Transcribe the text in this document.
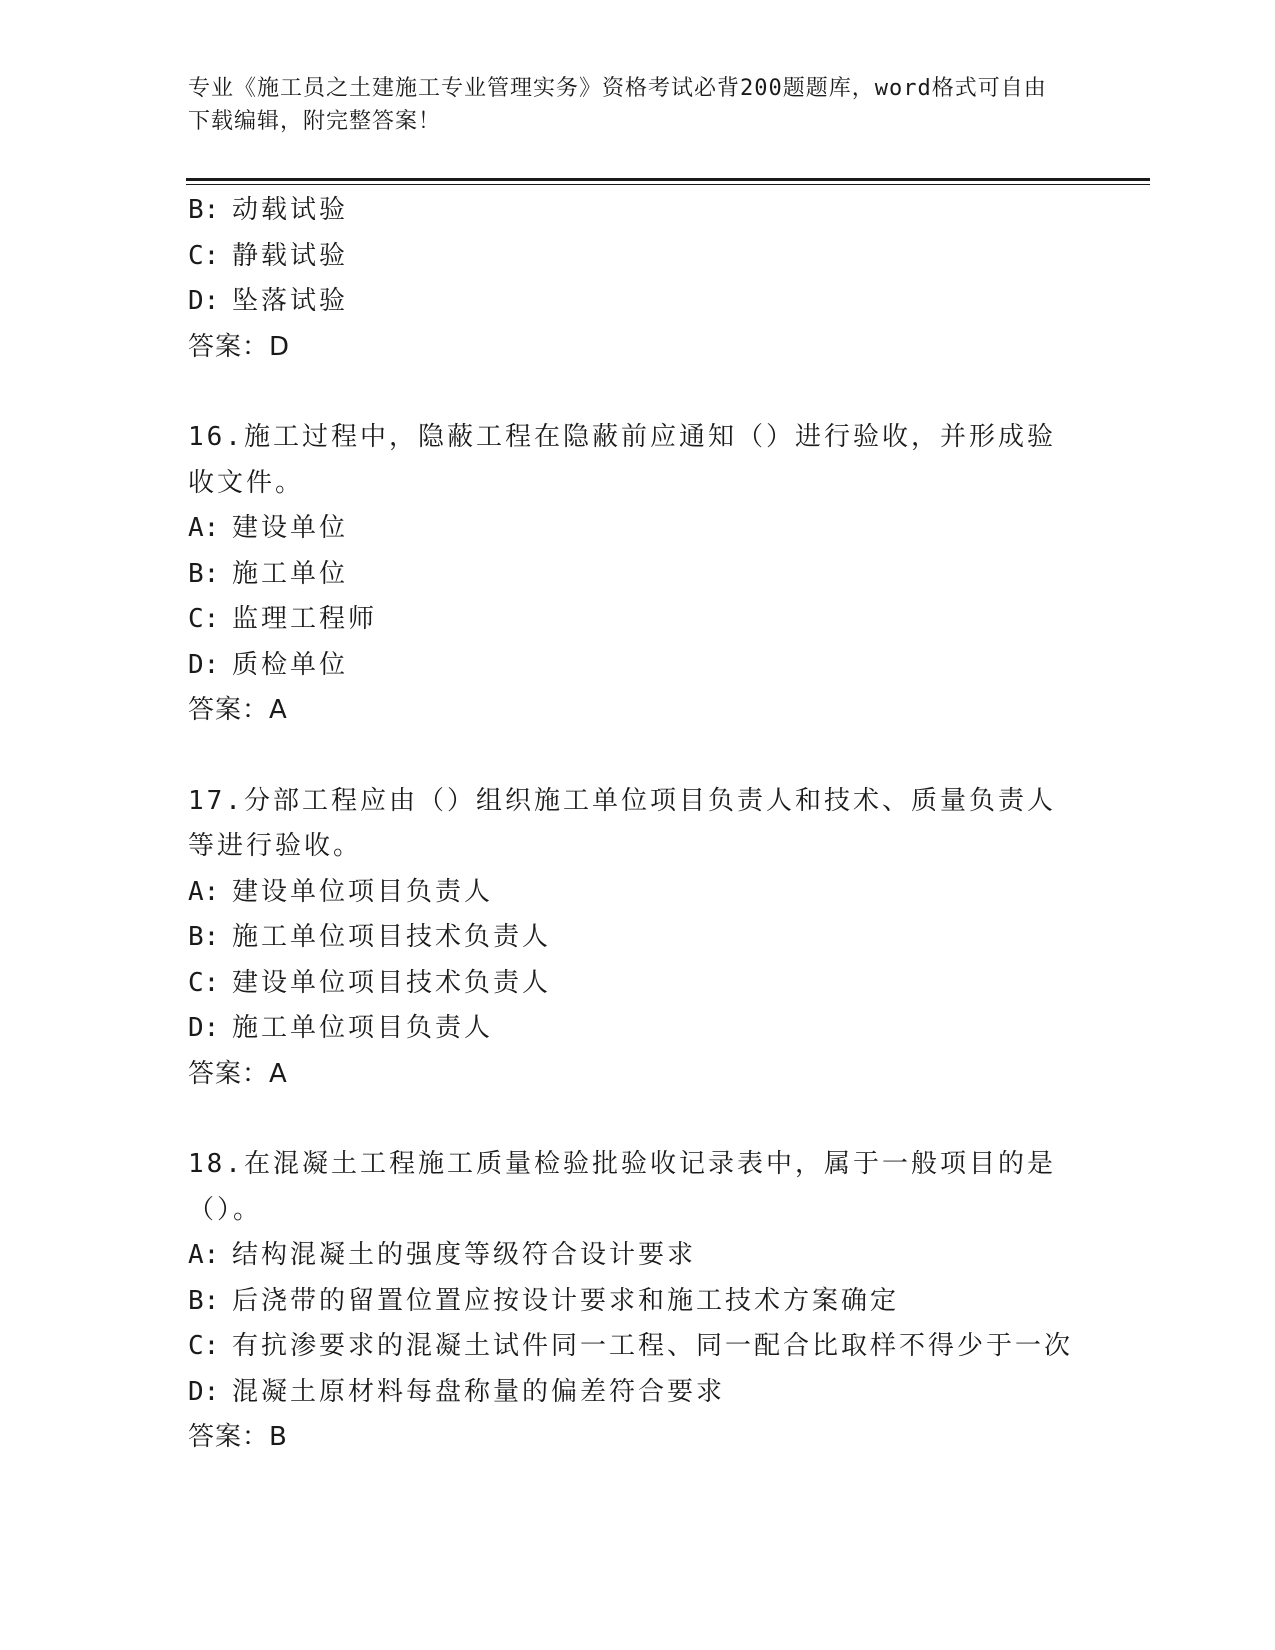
专业《施工员之土建施工专业管理实务》资格考试必背200题题库，word格式可自由下载编辑，附完整答案！
B: 动载试验
C: 静载试验
D: 坠落试验
答案：D
16.施工过程中，隐蔽工程在隐蔽前应通知（）进行验收，并形成验收文件。
A: 建设单位
B: 施工单位
C: 监理工程师
D: 质检单位
答案：A
17.分部工程应由（）组织施工单位项目负责人和技术、质量负责人等进行验收。
A: 建设单位项目负责人
B: 施工单位项目技术负责人
C: 建设单位项目技术负责人
D: 施工单位项目负责人
答案：A
18.在混凝土工程施工质量检验批验收记录表中，属于一般项目的是（）。
A: 结构混凝土的强度等级符合设计要求
B: 后浇带的留置位置应按设计要求和施工技术方案确定
C: 有抗渗要求的混凝土试件同一工程、同一配合比取样不得少于一次
D: 混凝土原材料每盘称量的偏差符合要求
答案：B
